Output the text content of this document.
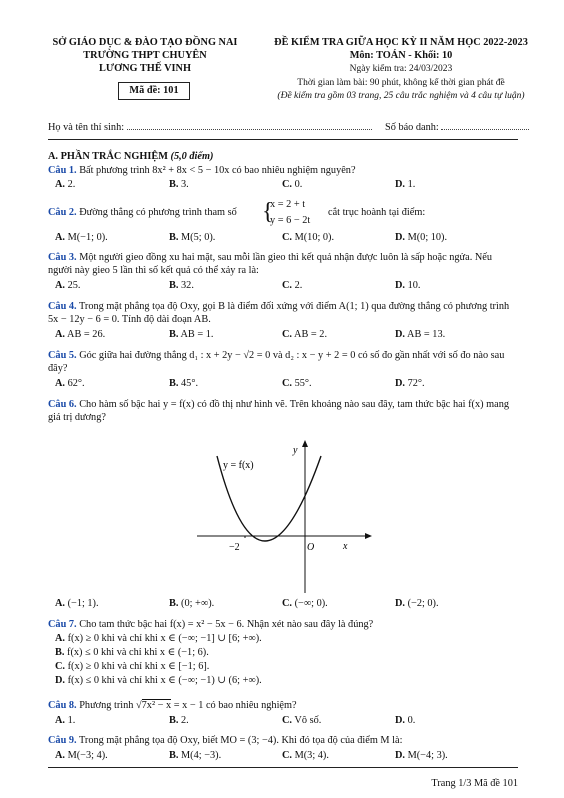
SỞ GIÁO DỤC & ĐÀO TẠO ĐỒNG NAI
TRƯỜNG THPT CHUYÊN
LƯƠNG THẾ VINH
Mã đề: 101
ĐỀ KIỂM TRA GIỮA HỌC KỲ II NĂM HỌC 2022-2023
Môn: TOÁN - Khối: 10
Ngày kiểm tra: 24/03/2023
Thời gian làm bài: 90 phút, không kể thời gian phát đề
(Đề kiểm tra gồm 03 trang, 25 câu trắc nghiệm và 4 câu tự luận)
Họ và tên thí sinh:	Số báo danh:
A. PHẦN TRẮC NGHIỆM (5,0 điểm)
Câu 1. Bất phương trình 8x² + 8x < 5 − 10x có bao nhiêu nghiệm nguyên?
A. 2.	B. 3.	C. 0.	D. 1.
Câu 2. Đường thẳng có phương trình tham số	{
x = 2 + t
y = 6 − 2t
cắt trục hoành tại điểm:
A. M(−1; 0).	B. M(5; 0).	C. M(10; 0).	D. M(0; 10).
Câu 3. Một người gieo đồng xu hai mặt, sau mỗi lần gieo thì kết quả nhận được luôn là sấp hoặc ngửa. Nếu người này gieo 5 lần thì số kết quả có thể xảy ra là:
A. 25.	B. 32.	C. 2.	D. 10.
Câu 4. Trong mặt phẳng tọa độ Oxy, gọi B là điểm đối xứng với điểm A(1; 1) qua đường thẳng có phương trình 5x − 12y − 6 = 0. Tính độ dài đoạn AB.
A. AB = 26.	B. AB = 1.	C. AB = 2.	D. AB = 13.
Câu 5. Góc giữa hai đường thẳng d₁ : x + 2y − √2 = 0 và d₂ : x − y + 2 = 0 có số đo gần nhất với số đo nào sau đây?
A. 62°.	B. 45°.	C. 55°.	D. 72°.
Câu 6. Cho hàm số bậc hai y = f(x) có đồ thị như hình vẽ. Trên khoảng nào sau đây, tam thức bậc hai f(x) mang giá trị dương?
y = f(x)
y
x
O
−2
A. (−1; 1).	B. (0; +∞).	C. (−∞; 0).	D. (−2; 0).
Câu 7. Cho tam thức bậc hai f(x) = x² − 5x − 6. Nhận xét nào sau đây là đúng?
A. f(x) ≥ 0 khi và chỉ khi x ∈ (−∞; −1] ∪ [6; +∞).
B. f(x) ≤ 0 khi và chỉ khi x ∈ (−1; 6).
C. f(x) ≥ 0 khi và chỉ khi x ∈ [−1; 6].
D. f(x) ≤ 0 khi và chỉ khi x ∈ (−∞; −1) ∪ (6; +∞).
Câu 8. Phương trình √7x² − x = x − 1 có bao nhiêu nghiệm?
A. 1.	B. 2.	C. Vô số.	D. 0.
Câu 9. Trong mặt phẳng tọa độ Oxy, biết MO = (3; −4). Khi đó tọa độ của điểm M là:
A. M(−3; 4).	B. M(4; −3).	C. M(3; 4).	D. M(−4; 3).
Trang 1/3 Mã đề 101
